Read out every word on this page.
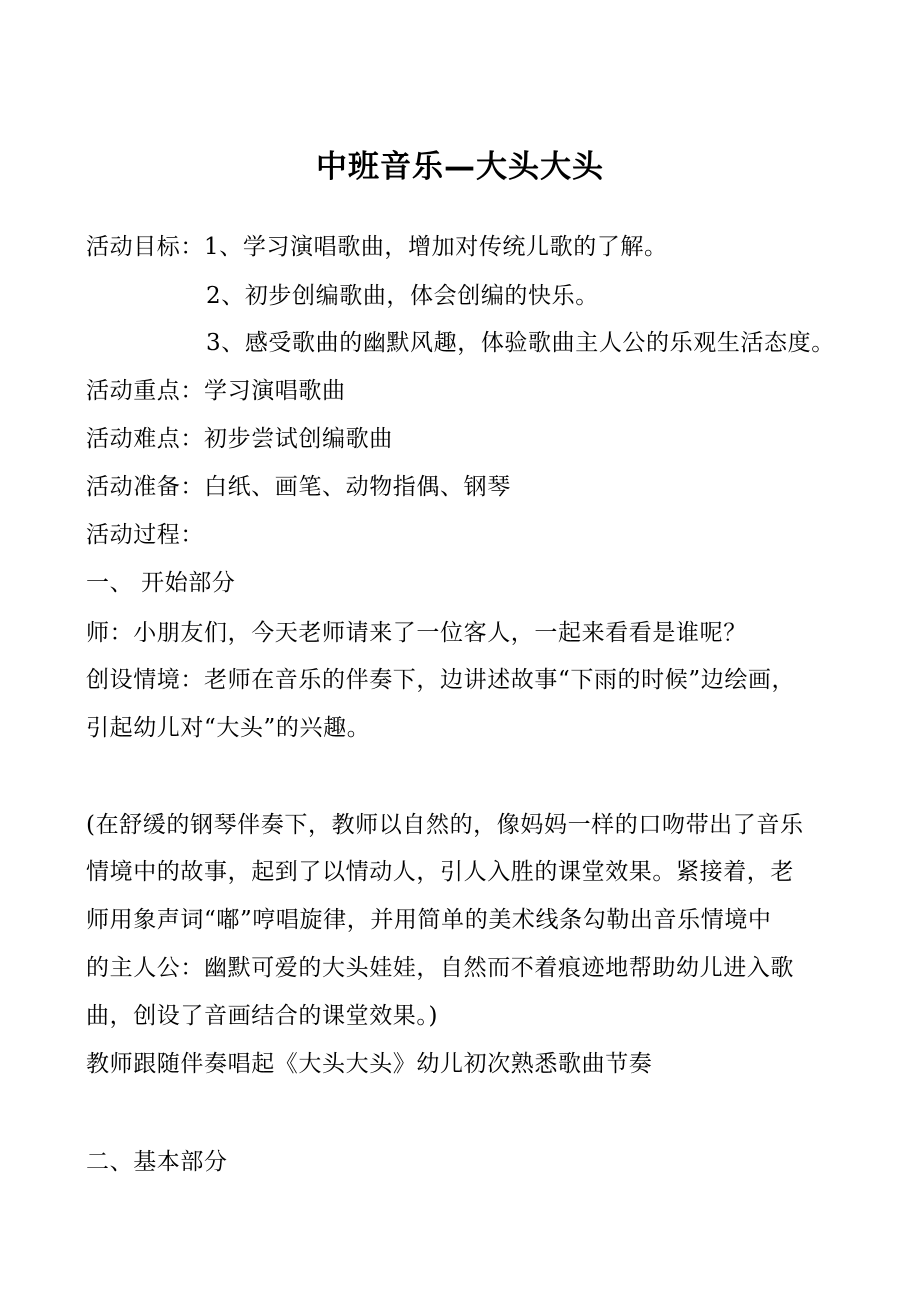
中班音乐—大头大头
活动目标：1、学习演唱歌曲，增加对传统儿歌的了解。
2、初步创编歌曲，体会创编的快乐。
3、感受歌曲的幽默风趣，体验歌曲主人公的乐观生活态度。
活动重点：学习演唱歌曲
活动难点：初步尝试创编歌曲
活动准备：白纸、画笔、动物指偶、钢琴
活动过程：
一、 开始部分
师：小朋友们，今天老师请来了一位客人，一起来看看是谁呢？
创设情境：老师在音乐的伴奏下，边讲述故事“下雨的时候”边绘画，
引起幼儿对“大头”的兴趣。
(在舒缓的钢琴伴奏下，教师以自然的，像妈妈一样的口吻带出了音乐
情境中的故事，起到了以情动人，引人入胜的课堂效果。紧接着，老
师用象声词“嘟”哼唱旋律，并用简单的美术线条勾勒出音乐情境中
的主人公：幽默可爱的大头娃娃，自然而不着痕迹地帮助幼儿进入歌
曲，创设了音画结合的课堂效果。)
教师跟随伴奏唱起《大头大头》幼儿初次熟悉歌曲节奏
二、基本部分
